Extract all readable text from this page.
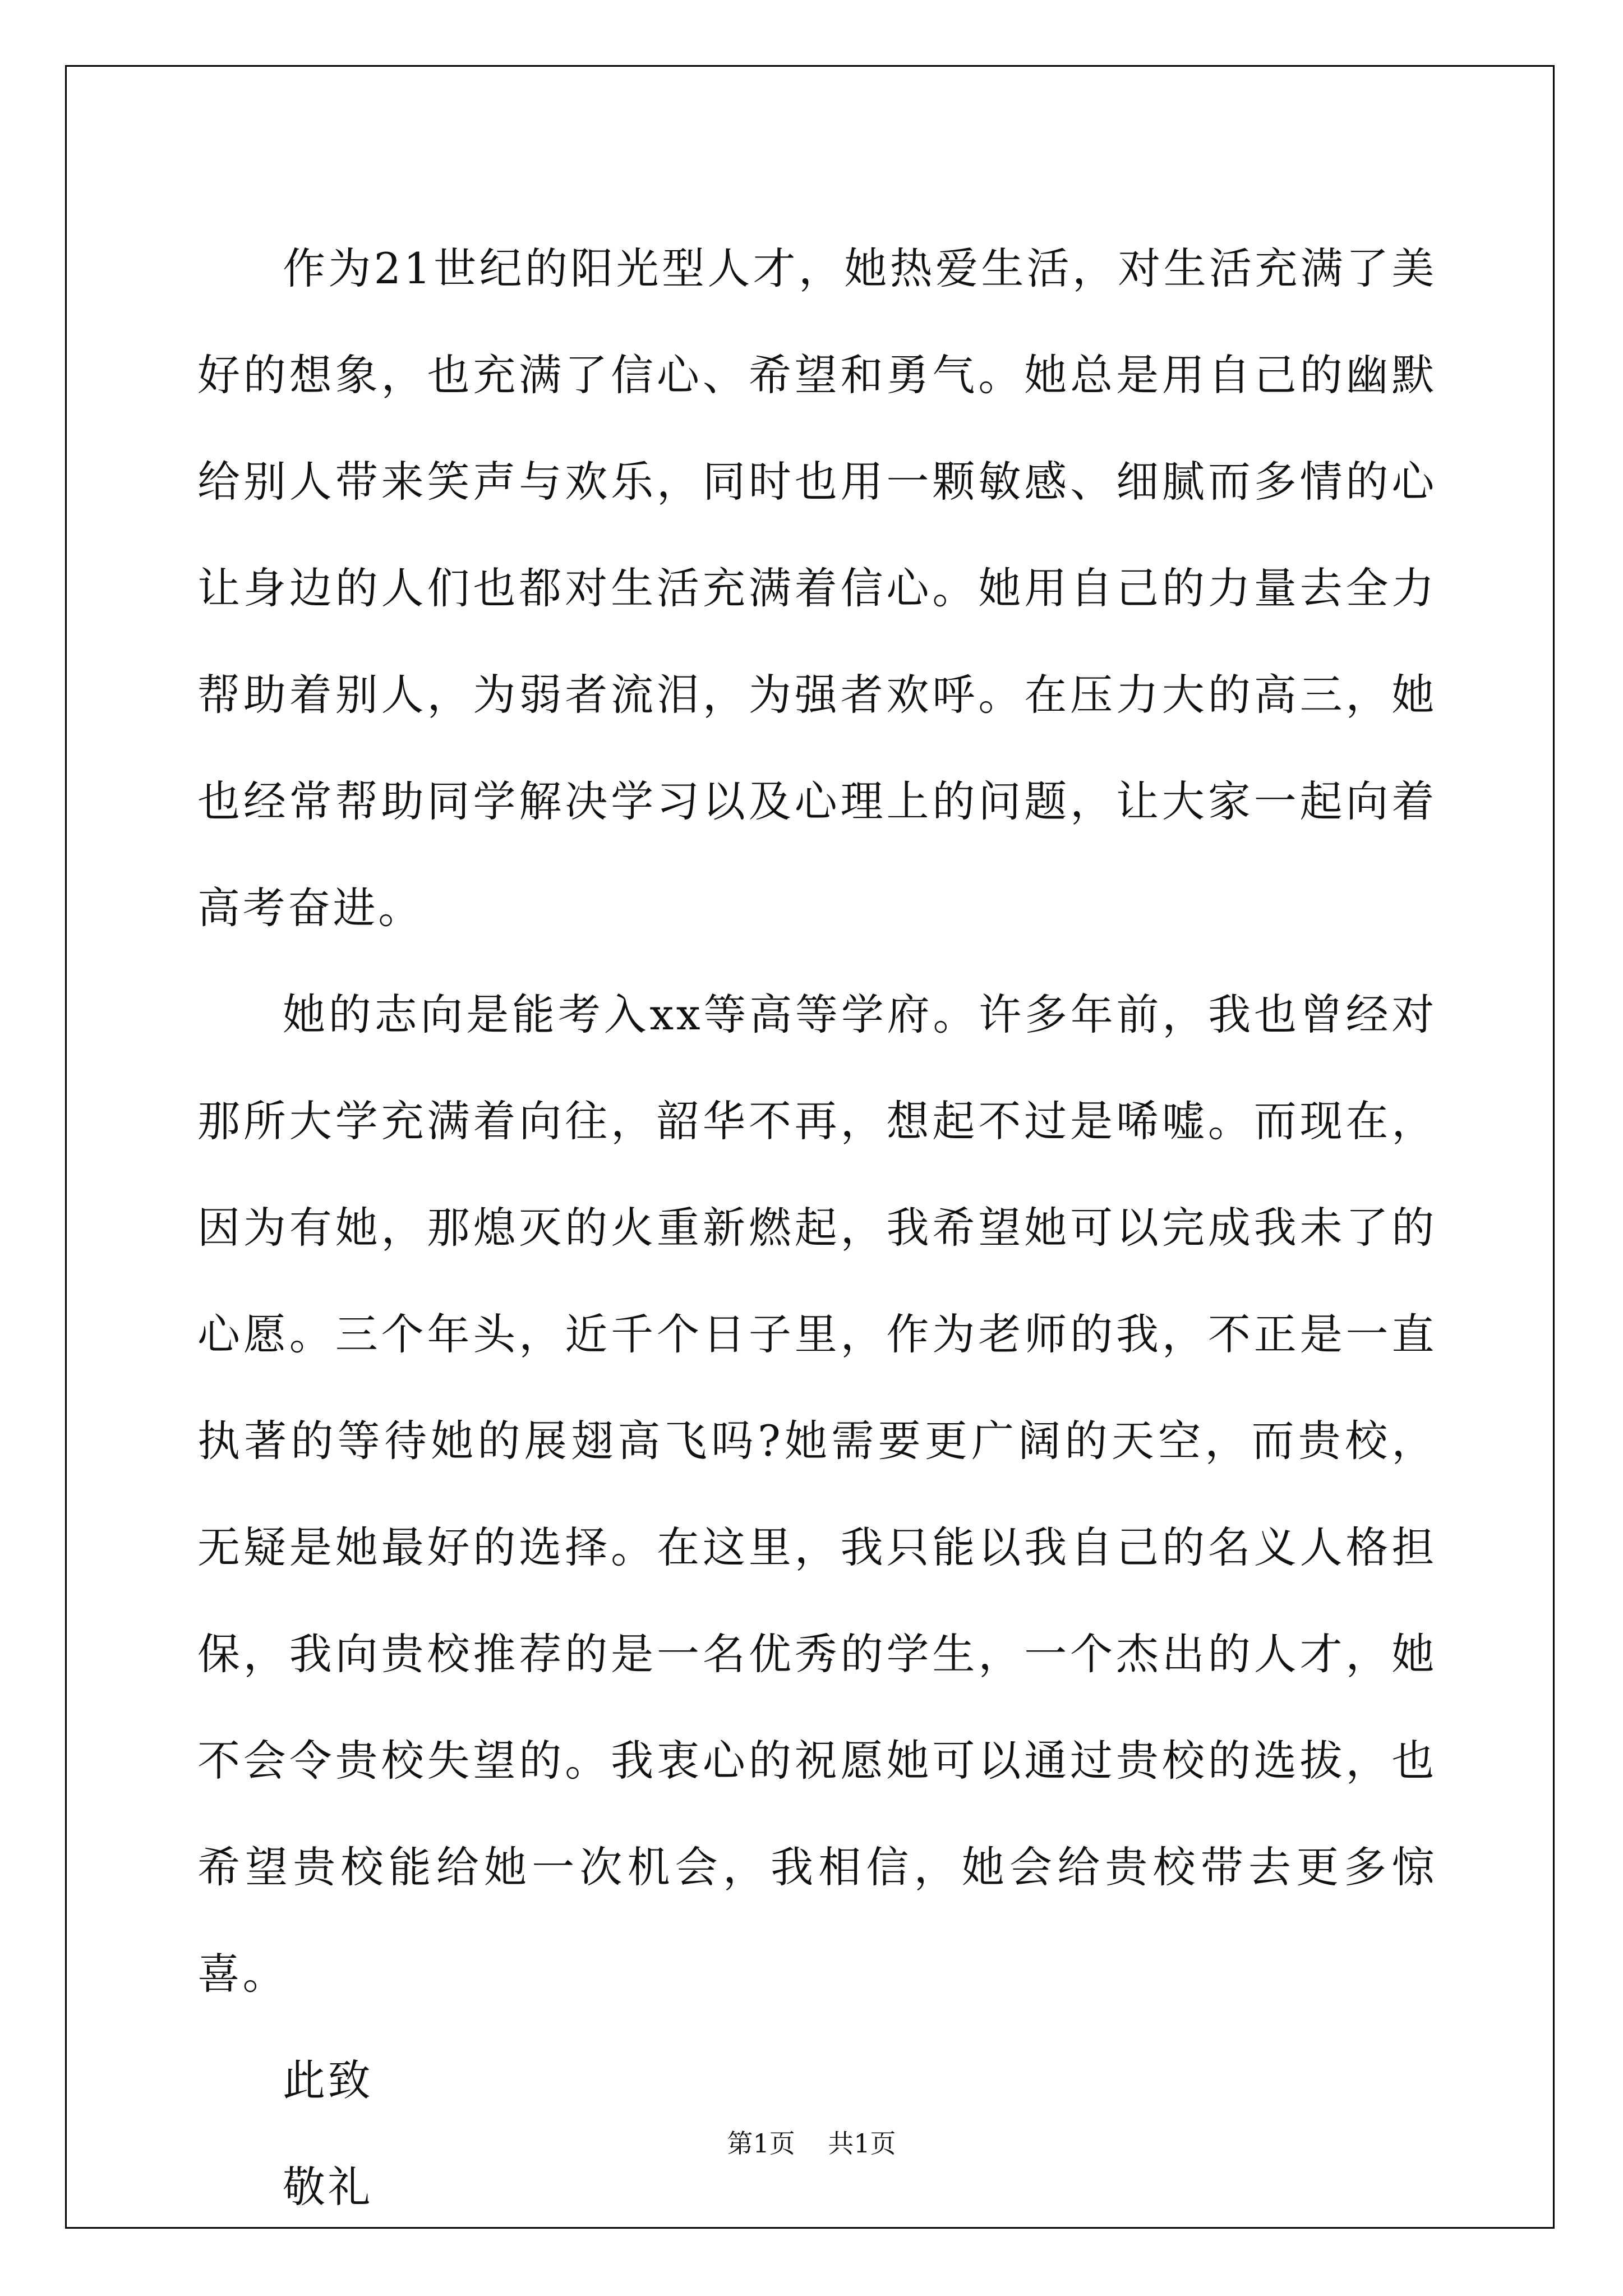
作为21世纪的阳光型人才，她热爱生活，对生活充满了美好的想象，也充满了信心、希望和勇气。她总是用自己的幽默给别人带来笑声与欢乐，同时也用一颗敏感、细腻而多情的心让身边的人们也都对生活充满着信心。她用自己的力量去全力帮助着别人，为弱者流泪，为强者欢呼。在压力大的高三，她也经常帮助同学解决学习以及心理上的问题，让大家一起向着高考奋进。

她的志向是能考入xx等高等学府。许多年前，我也曾经对那所大学充满着向往，韶华不再，想起不过是唏嘘。而现在，因为有她，那熄灭的火重新燃起，我希望她可以完成我未了的心愿。三个年头，近千个日子里，作为老师的我，不正是一直执著的等待她的展翅高飞吗?她需要更广阔的天空，而贵校，无疑是她最好的选择。在这里，我只能以我自己的名义人格担保，我向贵校推荐的是一名优秀的学生，一个杰出的人才，她不会令贵校失望的。我衷心的祝愿她可以通过贵校的选拔，也希望贵校能给她一次机会，我相信，她会给贵校带去更多惊喜。

此致
敬礼
第1页    共1页
